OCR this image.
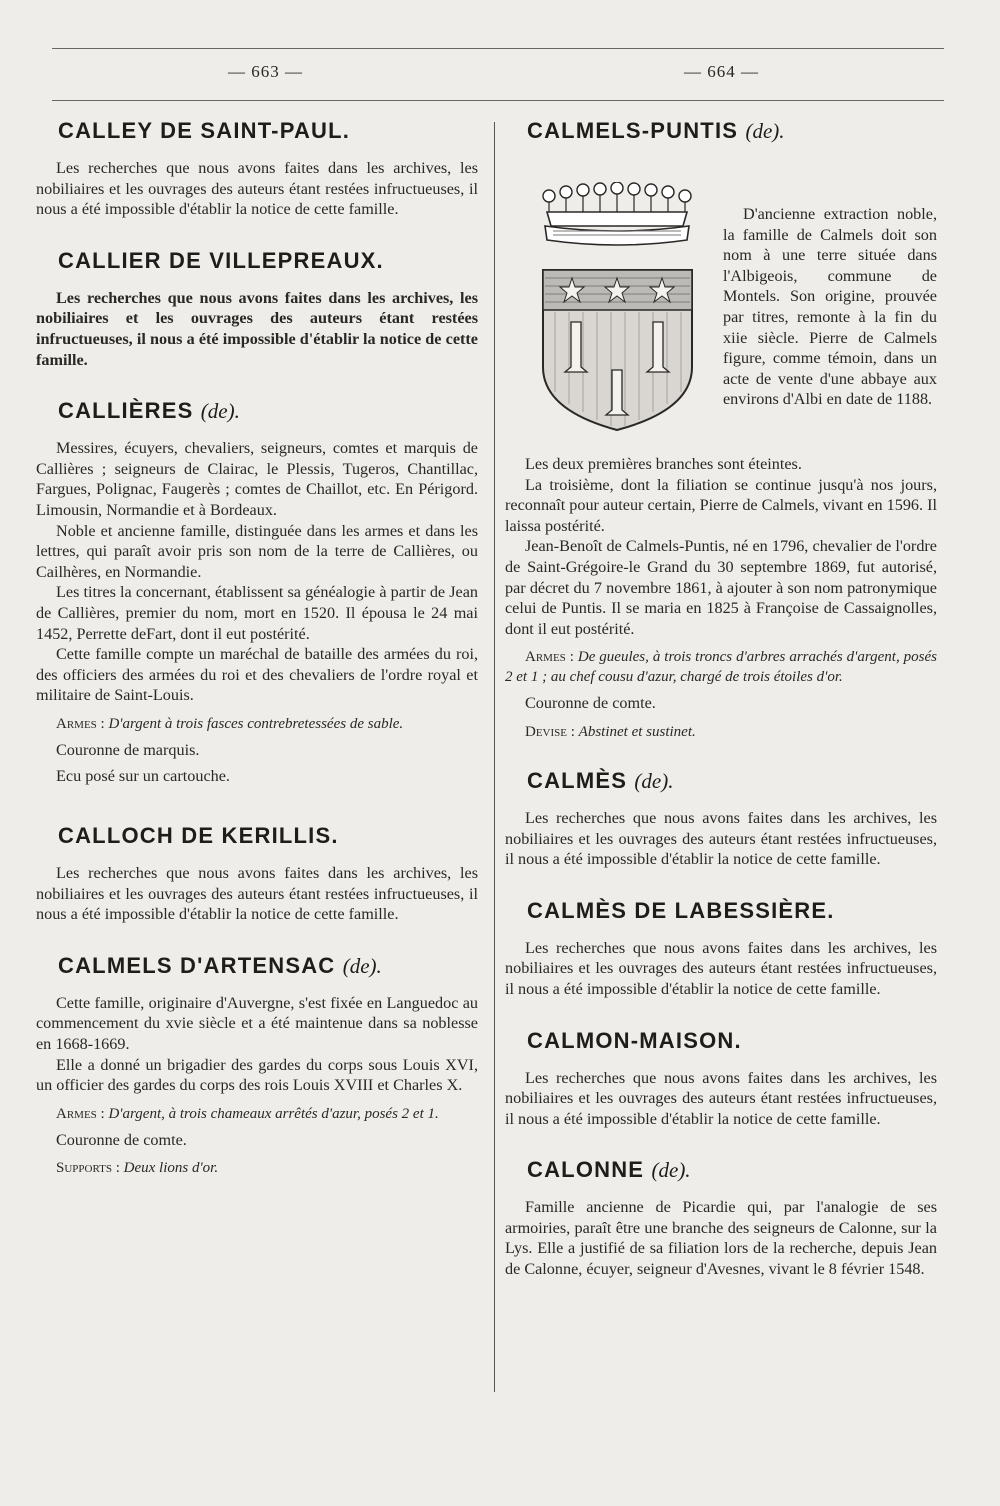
— 663 —	— 664 —
CALLEY DE SAINT-PAUL.

Les recherches que nous avons faites dans les archives, les nobiliaires et les ouvrages des auteurs étant restées infructueuses, il nous a été impossible d'établir la notice de cette famille.

CALLIER DE VILLEPREAUX.

Les recherches que nous avons faites dans les archives, les nobiliaires et les ouvrages des auteurs étant restées infructueuses, il nous a été impossible d'établir la notice de cette famille.

CALLIÈRES (de).

Messires, écuyers, chevaliers, seigneurs, comtes et marquis de Callières ; seigneurs de Clairac, le Plessis, Tugeros, Chantillac, Fargues, Polignac, Faugerès ; comtes de Chaillot, etc. En Périgord. Limousin, Normandie et à Bordeaux.

Noble et ancienne famille, distinguée dans les armes et dans les lettres, qui paraît avoir pris son nom de la terre de Callières, ou Cailhères, en Normandie.

Les titres la concernant, établissent sa généalogie à partir de Jean de Callières, premier du nom, mort en 1520. Il épousa le 24 mai 1452, Perrette deFart, dont il eut postérité.

Cette famille compte un maréchal de bataille des armées du roi, des officiers des armées du roi et des chevaliers de l'ordre royal et militaire de Saint-Louis.

Armes : D'argent à trois fasces contrebretessées de sable.

Couronne de marquis.

Ecu posé sur un cartouche.

CALLOCH DE KERILLIS.

Les recherches que nous avons faites dans les archives, les nobiliaires et les ouvrages des auteurs étant restées infructueuses, il nous a été impossible d'établir la notice de cette famille.

CALMELS D'ARTENSAC (de).

Cette famille, originaire d'Auvergne, s'est fixée en Languedoc au commencement du xvie siècle et a été maintenue dans sa noblesse en 1668-1669.

Elle a donné un brigadier des gardes du corps sous Louis XVI, un officier des gardes du corps des rois Louis XVIII et Charles X.

Armes : D'argent, à trois chameaux arrêtés d'azur, posés 2 et 1.

Couronne de comte.

Supports : Deux lions d'or.

CALMELS-PUNTIS (de).

D'ancienne extraction noble, la famille de Calmels doit son nom à une terre située dans l'Albigeois, commune de Montels. Son origine, prouvée par titres, remonte à la fin du xiie siècle. Pierre de Calmels figure, comme témoin, dans un acte de vente d'une abbaye aux environs d'Albi en date de 1188.

Les deux premières branches sont éteintes.

La troisième, dont la filiation se continue jusqu'à nos jours, reconnaît pour auteur certain, Pierre de Calmels, vivant en 1596. Il laissa postérité.

Jean-Benoît de Calmels-Puntis, né en 1796, chevalier de l'ordre de Saint-Grégoire-le Grand du 30 septembre 1869, fut autorisé, par décret du 7 novembre 1861, à ajouter à son nom patronymique celui de Puntis. Il se maria en 1825 à Françoise de Cassaignolles, dont il eut postérité.

Armes : De gueules, à trois troncs d'arbres arrachés d'argent, posés 2 et 1 ; au chef cousu d'azur, chargé de trois étoiles d'or.

Couronne de comte.

Devise : Abstinet et sustinet.

CALMÈS (de).

Les recherches que nous avons faites dans les archives, les nobiliaires et les ouvrages des auteurs étant restées infructueuses, il nous a été impossible d'établir la notice de cette famille.

CALMÈS DE LABESSIÈRE.

Les recherches que nous avons faites dans les archives, les nobiliaires et les ouvrages des auteurs étant restées infructueuses, il nous a été impossible d'établir la notice de cette famille.

CALMON-MAISON.

Les recherches que nous avons faites dans les archives, les nobiliaires et les ouvrages des auteurs étant restées infructueuses, il nous a été impossible d'établir la notice de cette famille.

CALONNE (de).

Famille ancienne de Picardie qui, par l'analogie de ses armoiries, paraît être une branche des seigneurs de Calonne, sur la Lys. Elle a justifié de sa filiation lors de la recherche, depuis Jean de Calonne, écuyer, seigneur d'Avesnes, vivant le 8 février 1548.
